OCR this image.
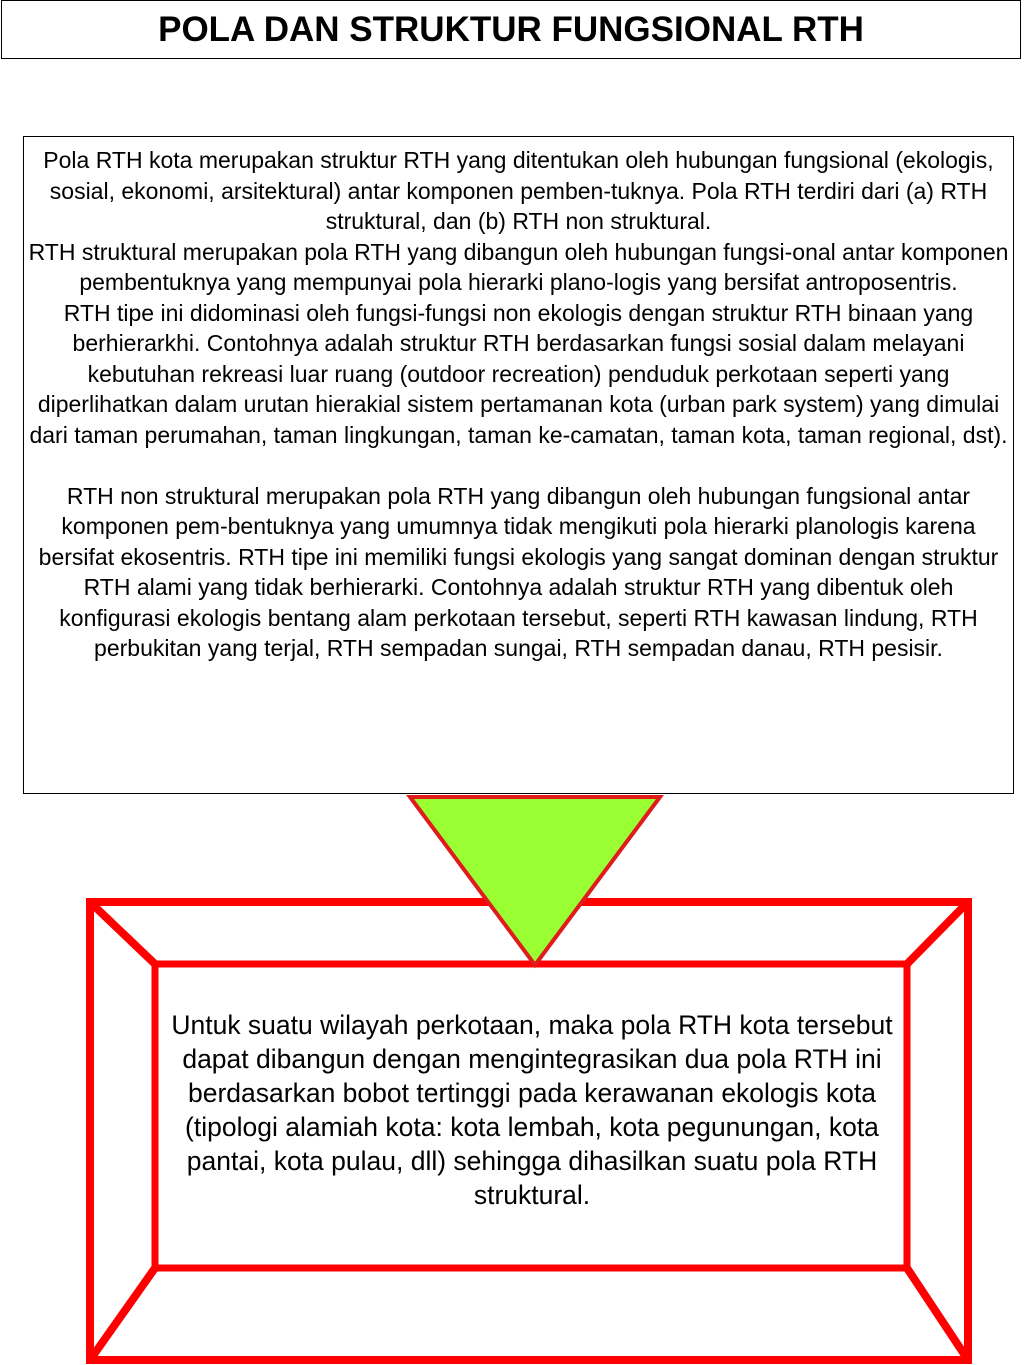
POLA DAN STRUKTUR FUNGSIONAL RTH

Pola RTH kota merupakan struktur RTH yang ditentukan oleh hubungan fungsional (ekologis, sosial, ekonomi, arsitektural) antar komponen pemben-tuknya. Pola RTH terdiri dari (a) RTH struktural, dan (b) RTH non struktural.

RTH struktural merupakan pola RTH yang dibangun oleh hubungan fungsi-onal antar komponen pembentuknya yang mempunyai pola hierarki plano-logis yang bersifat antroposentris.

RTH tipe ini didominasi oleh fungsi-fungsi non ekologis dengan struktur RTH binaan yang berhierarkhi. Contohnya adalah struktur RTH berdasarkan fungsi sosial dalam melayani kebutuhan rekreasi luar ruang (outdoor recreation) penduduk perkotaan seperti yang diperlihatkan dalam urutan hierakial sistem pertamanan kota (urban park system) yang dimulai dari taman perumahan, taman lingkungan, taman ke-camatan, taman kota, taman regional, dst).

RTH non struktural merupakan pola RTH yang dibangun oleh hubungan fungsional antar komponen pem-bentuknya yang umumnya tidak mengikuti pola hierarki planologis karena bersifat ekosentris. RTH tipe ini memiliki fungsi ekologis yang sangat dominan dengan struktur RTH alami yang tidak berhierarki. Contohnya adalah struktur RTH yang dibentuk oleh konfigurasi ekologis bentang alam perkotaan tersebut, seperti RTH kawasan lindung, RTH perbukitan yang terjal, RTH sempadan sungai, RTH sempadan danau, RTH pesisir.

Untuk suatu wilayah perkotaan, maka pola RTH kota tersebut dapat dibangun dengan mengintegrasikan dua pola RTH ini berdasarkan bobot tertinggi pada kerawanan ekologis kota (tipologi alamiah kota: kota lembah, kota pegunungan, kota pantai, kota pulau, dll) sehingga dihasilkan suatu pola RTH struktural.
